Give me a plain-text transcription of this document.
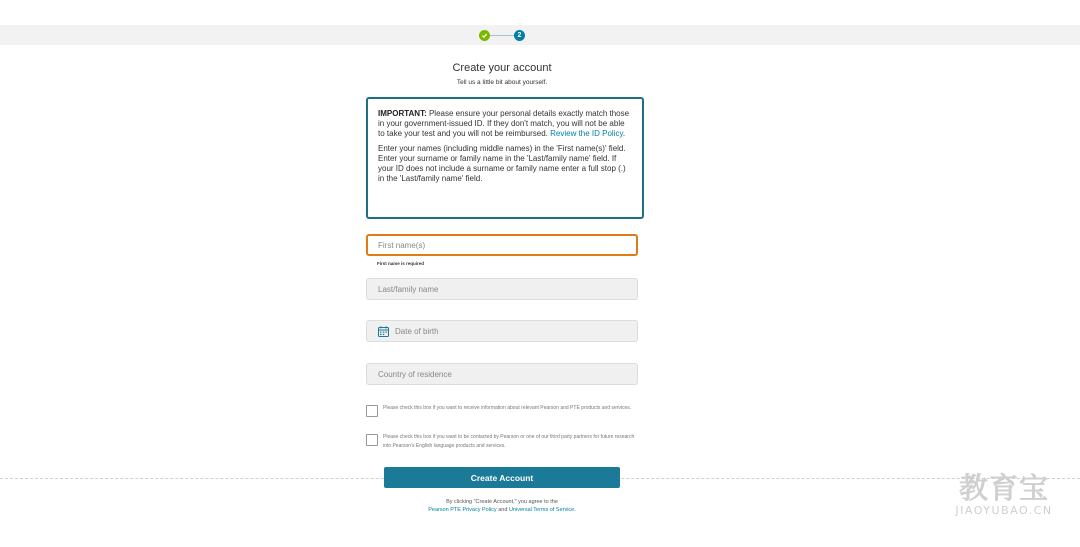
2
Create your account
Tell us a little bit about yourself.

IMPORTANT: Please ensure your personal details exactly match those in your government-issued ID. If they don't match, you will not be able to take your test and you will not be reimbursed. Review the ID Policy.

Enter your names (including middle names) in the 'First name(s)' field. Enter your surname or family name in the 'Last/family name' field. If your ID does not include a surname or family name enter a full stop (.) in the 'Last/family name' field.

First name(s)
First name is required
Last/family name
Date of birth
Country of residence
Please check this box if you want to receive information about relevant Pearson and PTE products and services.
Please check this box if you want to be contacted by Pearson or one of our third party partners for future research into Pearson's English language products and services.
Create Account
By clicking "Create Account," you agree to the
Pearson PTE Privacy Policy and Universal Terms of Service.
教育宝
JIAOYUBAO.CN
